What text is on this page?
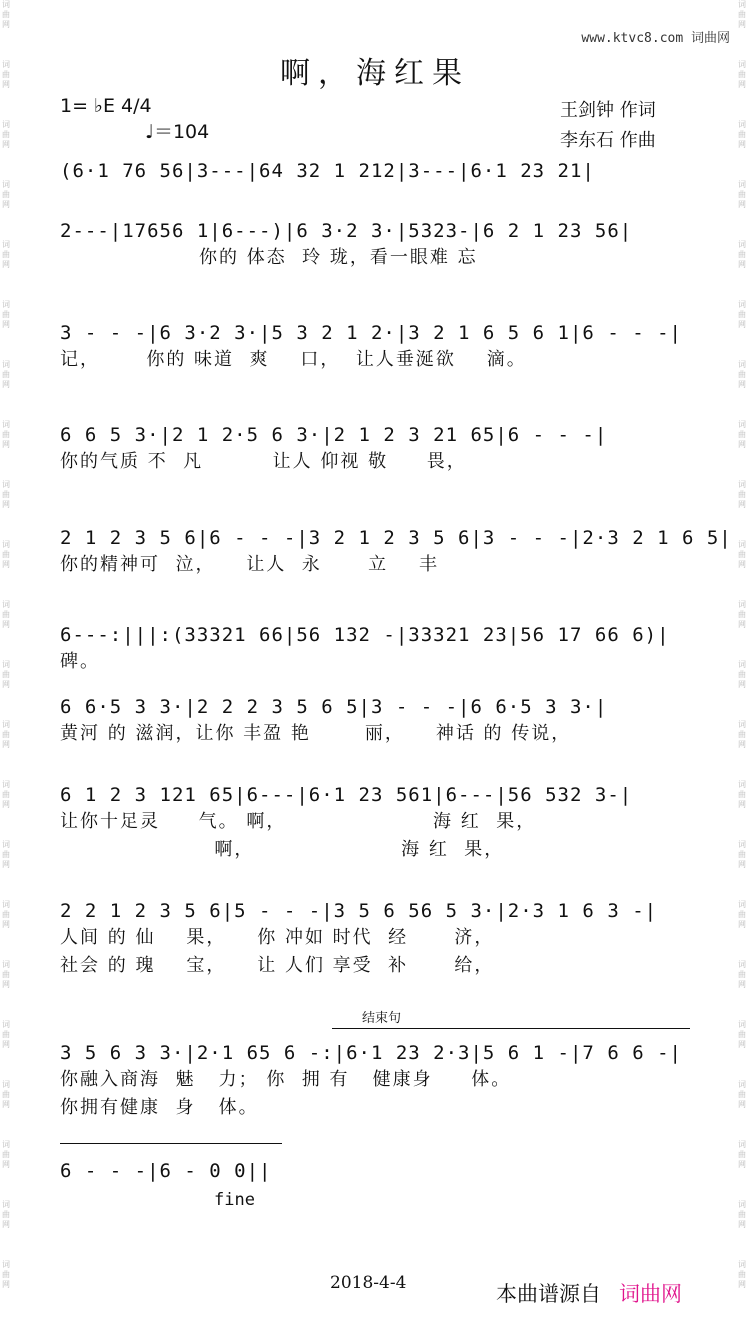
词曲网
词曲网
词曲网
词曲网
词曲网
词曲网
词曲网
词曲网
词曲网
词曲网
词曲网
词曲网
词曲网
词曲网
词曲网
词曲网
词曲网
词曲网
词曲网
词曲网
词曲网
词曲网
词曲网
词曲网
词曲网
词曲网
词曲网
词曲网
词曲网
词曲网
词曲网
词曲网
词曲网
词曲网
词曲网
词曲网
词曲网
词曲网
词曲网
词曲网
词曲网
词曲网
词曲网
词曲网
www.ktvc8.com 词曲网
啊，海红果
1= ♭E 4/4
♩＝104
王剑钟 作词
李东石 作曲
(6·1 76 56|3---|64 32 1 212|3---|6·1 23 21|
2---|17656 1|6---)|6 3·2 3·|5323-|6 2 1 23 56|
你的 体态  玲 珑，看一眼难 忘
3 - - -|6 3·2 3·|5 3 2 1 2·|3 2 1 6 5 6 1|6 - - -|
记，      你的 味道  爽    口，  让人垂涎欲    滴。
6 6 5 3·|2 1 2·5 6 3·|2 1 2 3 21 65|6 - - -|
你的气质 不  凡         让人 仰视 敬     畏，
2 1 2 3 5 6|6 - - -|3 2 1 2 3 5 6|3 - - -|2·3 2 1 6 5|
你的精神可  泣，    让人  永      立    丰
6---:|||:(33321 66|56 132 -|33321 23|56 17 66 6)|
碑。
6 6·5 3 3·|2 2 2 3 5 6 5|3 - - -|6 6·5 3 3·|
黄河 的 滋润，让你 丰盈 艳       丽，    神话 的 传说，
6 1 2 3 121 65|6---|6·1 23 561|6---|56 532 3-|
让你十足灵     气。 啊，                   海 红  果，
啊，                   海 红  果，
2 2 1 2 3 5 6|5 - - -|3 5 6 56 5 3·|2·3 1 6 3 -|
人间 的 仙    果，    你 冲如 时代  经      济，
社会 的 瑰    宝，    让 人们 享受  补      给，
结束句
3 5 6 3 3·|2·1 65 6 -:|6·1 23 2·3|5 6 1 -|7 6 6 -|
你融入商海  魅   力； 你  拥 有   健康身     体。
你拥有健康  身   体。
6 - - -|6 - 0 0||
fine
2018-4-4	本曲谱源自 词曲网
